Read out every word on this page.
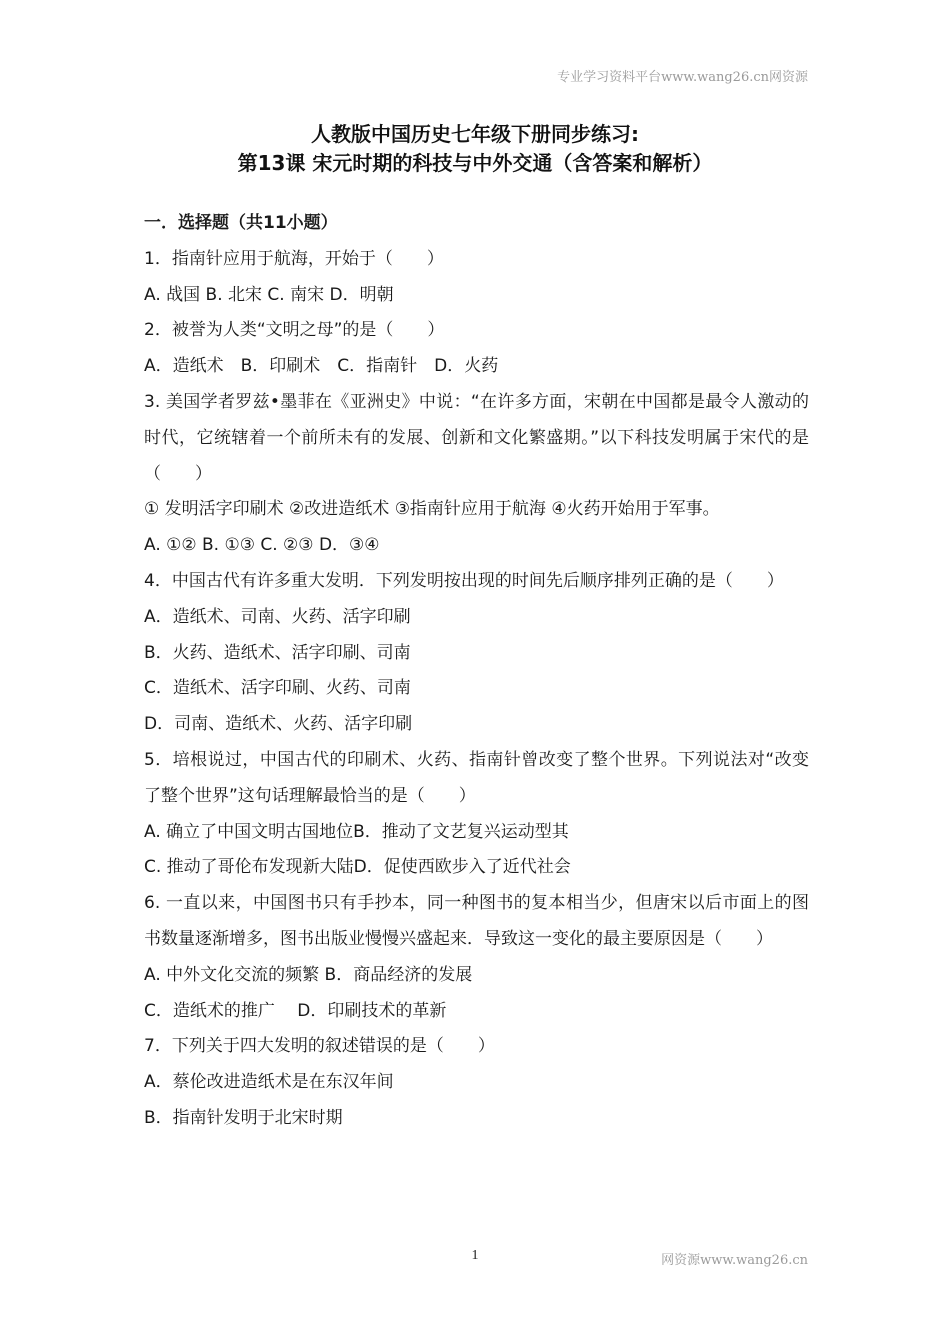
专业学习资料平台www.wang26.cn网资源
人教版中国历史七年级下册同步练习:
第13课 宋元时期的科技与中外交通（含答案和解析）
一．选择题（共11小题）
1．指南针应用于航海，开始于（　　）
A. 战国 B. 北宋 C. 南宋 D．明朝
2．被誉为人类“文明之母”的是（　　）
A．造纸术　B．印刷术　C．指南针　D．火药
3. 美国学者罗兹•墨菲在《亚洲史》中说：“在许多方面，宋朝在中国都是最令人激动的时代，它统辖着一个前所未有的发展、创新和文化繁盛期。”以下科技发明属于宋代的是（　　）
① 发明活字印刷术 ②改进造纸术 ③指南针应用于航海 ④火药开始用于军事。
A. ①② B. ①③ C. ②③ D．③④
4．中国古代有许多重大发明．下列发明按出现的时间先后顺序排列正确的是（　　）
A．造纸术、司南、火药、活字印刷
B．火药、造纸术、活字印刷、司南
C．造纸术、活字印刷、火药、司南
D．司南、造纸术、火药、活字印刷
5．培根说过，中国古代的印刷术、火药、指南针曾改变了整个世界。下列说法对“改变了整个世界”这句话理解最恰当的是（　　）
A. 确立了中国文明古国地位B．推动了文艺复兴运动型其
C. 推动了哥伦布发现新大陆D．促使西欧步入了近代社会
6. 一直以来，中国图书只有手抄本，同一种图书的复本相当少，但唐宋以后市面上的图书数量逐渐增多，图书出版业慢慢兴盛起来．导致这一变化的最主要原因是（　　）
A. 中外文化交流的频繁 B．商品经济的发展
C．造纸术的推广　 D．印刷技术的革新
7．下列关于四大发明的叙述错误的是（　　）
A．蔡伦改进造纸术是在东汉年间
B．指南针发明于北宋时期
1	网资源www.wang26.cn
